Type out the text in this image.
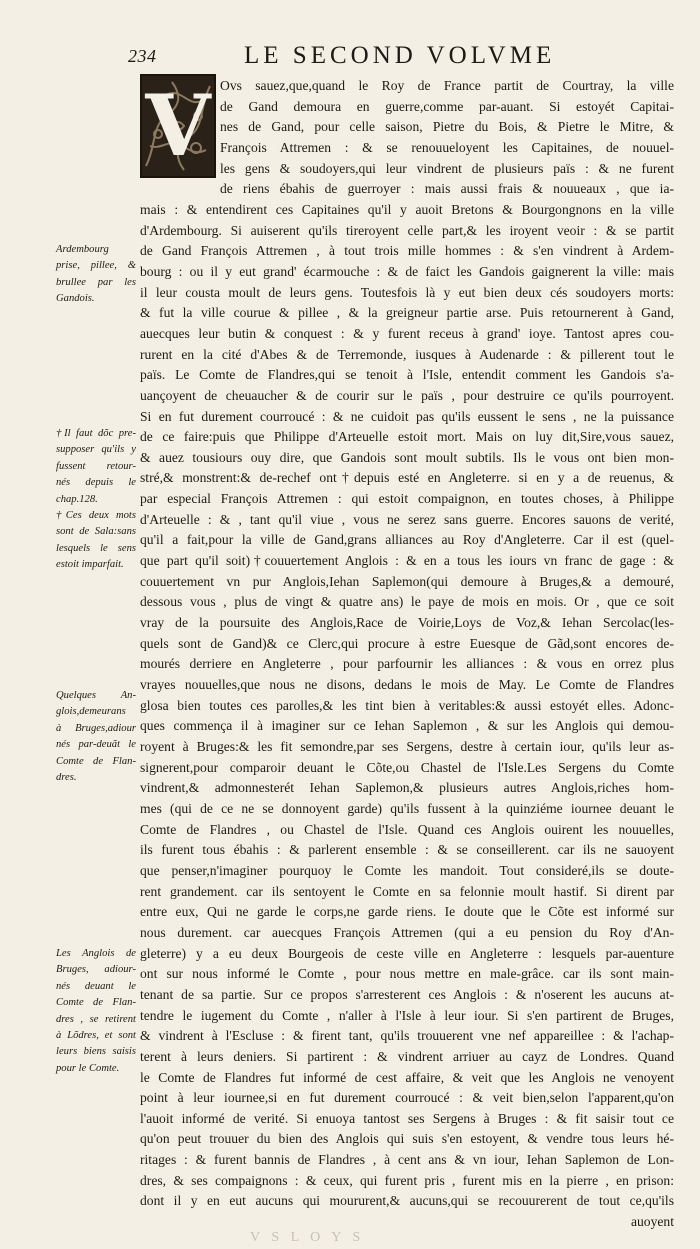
234	LE SECOND VOLVME
V Ovs sauez,que,quand le Roy de France partit de Courtray, la ville
de Gand demoura en guerre,comme par-auant. Si estoyét Capitai-
nes de Gand, pour celle saison, Pietre du Bois, & Pietre le Mitre, &
François Attremen : & se renouueloyent les Capitaines, de nouuel-
les gens & soudoyers,qui leur vindrent de plusieurs païs : & ne furent
de riens ébahis de guerroyer : mais aussi frais & nouueaux , que ia-
mais : & entendirent ces Capitaines qu'il y auoit Bretons & Bourgongnons en la ville
d'Ardembourg. Si auiserent qu'ils tireroyent celle part,& les iroyent veoir : & se partit
de Gand François Attremen , à tout trois mille hommes : & s'en vindrent à Ardem-
bourg : ou il y eut grand' écarmouche : & de faict les Gandois gaignerent la ville: mais
il leur cousta moult de leurs gens. Toutesfois là y eut bien deux cés soudoyers morts:
& fut la ville courue & pillee , & la greigneur partie arse. Puis retournerent à Gand,
auecques leur butin & conquest : & y furent receus à grand' ioye. Tantost apres cou-
rurent en la cité d'Abes & de Terremonde, iusques à Audenarde : & pillerent tout le
païs. Le Comte de Flandres,qui se tenoit à l'Isle, entendit comment les Gandois s'a-
uançoyent de cheuaucher & de courir sur le païs , pour destruire ce qu'ils pourroyent.
Si en fut durement courroucé : & ne cuidoit pas qu'ils eussent le sens , ne la puissance
de ce faire:puis que Philippe d'Arteuelle estoit mort. Mais on luy dit,Sire,vous sauez,
& auez tousiours ouy dire, que Gandois sont moult subtils. Ils le vous ont bien mon-
stré,& monstrent:& de-rechef ont†depuis esté en Angleterre. si en y a de reuenus, &
par especial François Attremen : qui estoit compaignon, en toutes choses, à Philippe
d'Arteuelle : & , tant qu'il viue , vous ne serez sans guerre. Encores sauons de verité,
qu'il a fait,pour la ville de Gand,grans alliances au Roy d'Angleterre. Car il est (quel-
que part qu'il soit)†couuertement Anglois : & en a tous les iours vn franc de gage : &
couuertement vn pur Anglois,Iehan Saplemon(qui demoure à Bruges,& a demouré,
dessous vous , plus de vingt & quatre ans) le paye de mois en mois. Or , que ce soit
vray de la poursuite des Anglois,Race de Voirie,Loys de Voz,& Iehan Sercolac(les-
quels sont de Gand)& ce Clerc,qui procure à estre Euesque de Gãd,sont encores de-
mourés derriere en Angleterre , pour parfournir les alliances : & vous en orrez plus
vrayes nouuelles,que nous ne disons, dedans le mois de May. Le Comte de Flandres
glosa bien toutes ces parolles,& les tint bien à veritables:& aussi estoyét elles. Adonc-
ques commença il à imaginer sur ce Iehan Saplemon , & sur les Anglois qui demou-
royent à Bruges:& les fit semondre,par ses Sergens, destre à certain iour, qu'ils leur as-
signerent,pour comparoir deuant le Cõte,ou Chastel de l'Isle.Les Sergens du Comte
vindrent,& admonnesterét Iehan Saplemon,& plusieurs autres Anglois,riches hom-
mes (qui de ce ne se donnoyent garde) qu'ils fussent à la quinziéme iournee deuant le
Comte de Flandres , ou Chastel de l'Isle. Quand ces Anglois ouirent les nouuelles,
ils furent tous ébahis : & parlerent ensemble : & se conseillerent. car ils ne sauoyent
que penser,n'imaginer pourquoy le Comte les mandoit. Tout consideré,ils se doute-
rent grandement. car ils sentoyent le Comte en sa felonnie moult hastif. Si dirent par
entre eux, Qui ne garde le corps,ne garde riens. Ie doute que le Cõte est informé sur
nous durement. car auecques François Attremen (qui a eu pension du Roy d'An-
gleterre) y a eu deux Bourgeois de ceste ville en Angleterre : lesquels par-auenture
ont sur nous informé le Comte , pour nous mettre en male-grâce. car ils sont main-
tenant de sa partie. Sur ce propos s'arresterent ces Anglois : & n'oserent les aucuns at-
tendre le iugement du Comte , n'aller à l'Isle à leur iour. Si s'en partirent de Bruges,
& vindrent à l'Escluse : & firent tant, qu'ils trouuerent vne nef appareillee : & l'achap-
terent à leurs deniers. Si partirent : & vindrent arriuer au cayz de Londres. Quand
le Comte de Flandres fut informé de cest affaire, & veit que les Anglois ne venoyent
point à leur iournee,si en fut durement courroucé : & veit bien,selon l'apparent,qu'on
l'auoit informé de verité. Si enuoya tantost ses Sergens à Bruges : & fit saisir tout ce
qu'on peut trouuer du bien des Anglois qui suis s'en estoyent, & vendre tous leurs hé-
ritages : & furent bannis de Flandres , à cent ans & vn iour, Iehan Saplemon de Lon-
dres, & ses compaignons : & ceux, qui furent pris , furent mis en la pierre , en prison:
dont il y en eut aucuns qui moururent,& aucuns,qui se recouurerent de tout ce,qu'ils
auoyent
Ardembourg
prise, pillee, &
brullee par les
Gandois.
†Il faut dõc pre-
supposer qu'ils y
fussent retour-
nés depuis le
chap.128.
†Ces deux mots
sont de Sala:sans
lesquels le sens
estoit imparfait.
Quelques An-
glois,demeurans
à Bruges,adiour
nés par-deuãt le
Comte de Flan-
dres.
Les Anglois de
Bruges, adiour-
nés deuant le
Comte de Flan-
dres , se retirent
à Lõdres, et sont
leurs biens saisis
pour le Comte.
V S L O Y S
